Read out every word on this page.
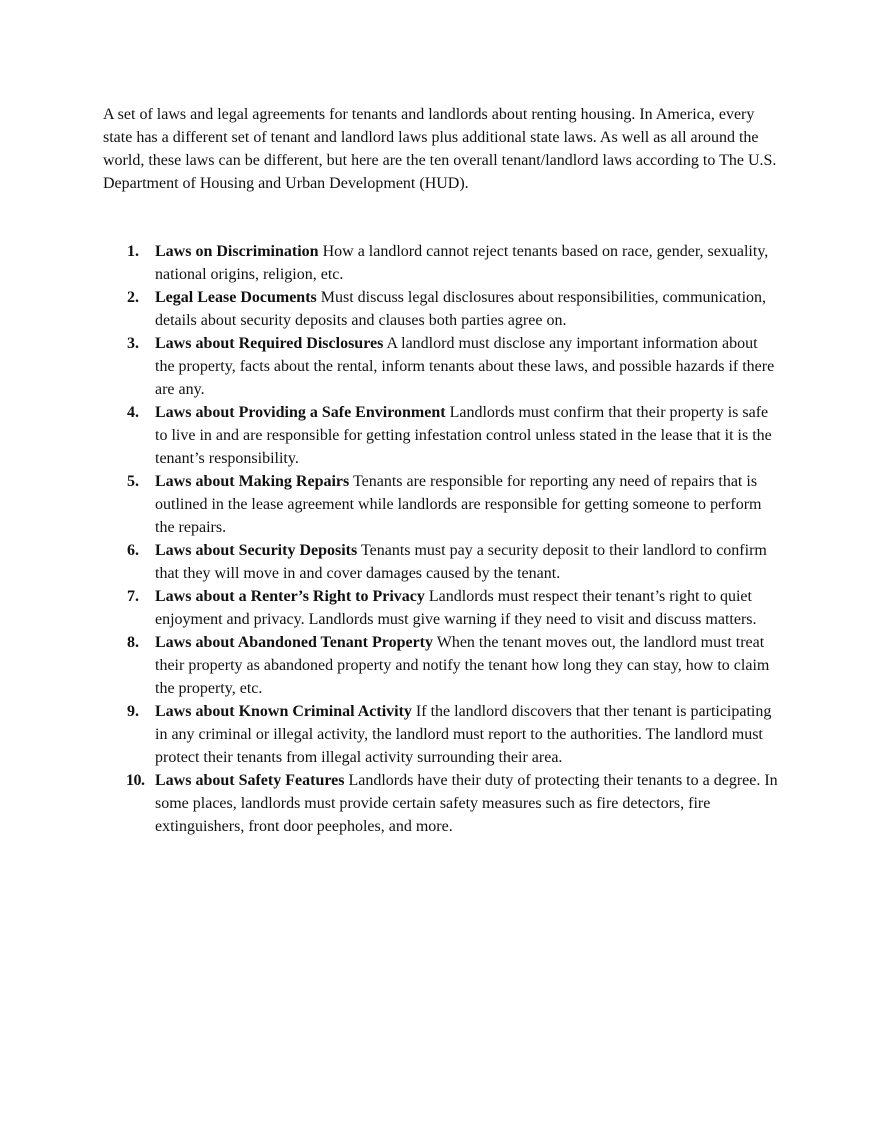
A set of laws and legal agreements for tenants and landlords about renting housing. In America, every state has a different set of tenant and landlord laws plus additional state laws. As well as all around the world, these laws can be different, but here are the ten overall tenant/landlord laws according to The U.S. Department of Housing and Urban Development (HUD).

1.	Laws on Discrimination How a landlord cannot reject tenants based on race, gender, sexuality, national origins, religion, etc.
2.	Legal Lease Documents Must discuss legal disclosures about responsibilities, communication, details about security deposits and clauses both parties agree on.
3.	Laws about Required Disclosures A landlord must disclose any important information about the property, facts about the rental, inform tenants about these laws, and possible hazards if there are any.
4.	Laws about Providing a Safe Environment Landlords must confirm that their property is safe to live in and are responsible for getting infestation control unless stated in the lease that it is the tenant’s responsibility.
5.	Laws about Making Repairs Tenants are responsible for reporting any need of repairs that is outlined in the lease agreement while landlords are responsible for getting someone to perform the repairs.
6.	Laws about Security Deposits Tenants must pay a security deposit to their landlord to confirm that they will move in and cover damages caused by the tenant.
7.	Laws about a Renter’s Right to Privacy Landlords must respect their tenant’s right to quiet enjoyment and privacy. Landlords must give warning if they need to visit and discuss matters.
8.	Laws about Abandoned Tenant Property When the tenant moves out, the landlord must treat their property as abandoned property and notify the tenant how long they can stay, how to claim the property, etc.
9.	Laws about Known Criminal Activity If the landlord discovers that ther tenant is participating in any criminal or illegal activity, the landlord must report to the authorities. The landlord must protect their tenants from illegal activity surrounding their area.
10. Laws about Safety Features Landlords have their duty of protecting their tenants to a degree. In some places, landlords must provide certain safety measures such as fire detectors, fire extinguishers, front door peepholes, and more.
